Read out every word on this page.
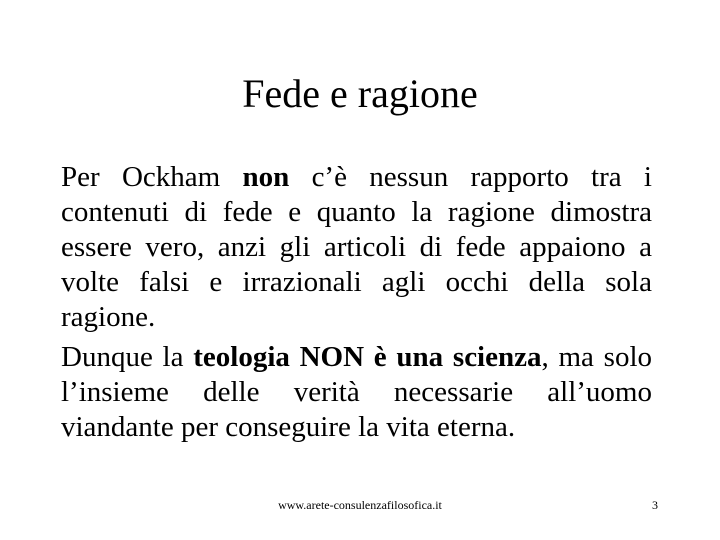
Fede e ragione

Per Ockham non c’è nessun rapporto tra i contenuti di fede e quanto la ragione dimostra essere vero, anzi gli articoli di fede appaiono a volte falsi e irrazionali agli occhi della sola ragione.

Dunque la teologia NON è una scienza, ma solo l’insieme delle verità necessarie all’uomo viandante per conseguire la vita eterna.

www.arete-consulenzafilosofica.it	3
